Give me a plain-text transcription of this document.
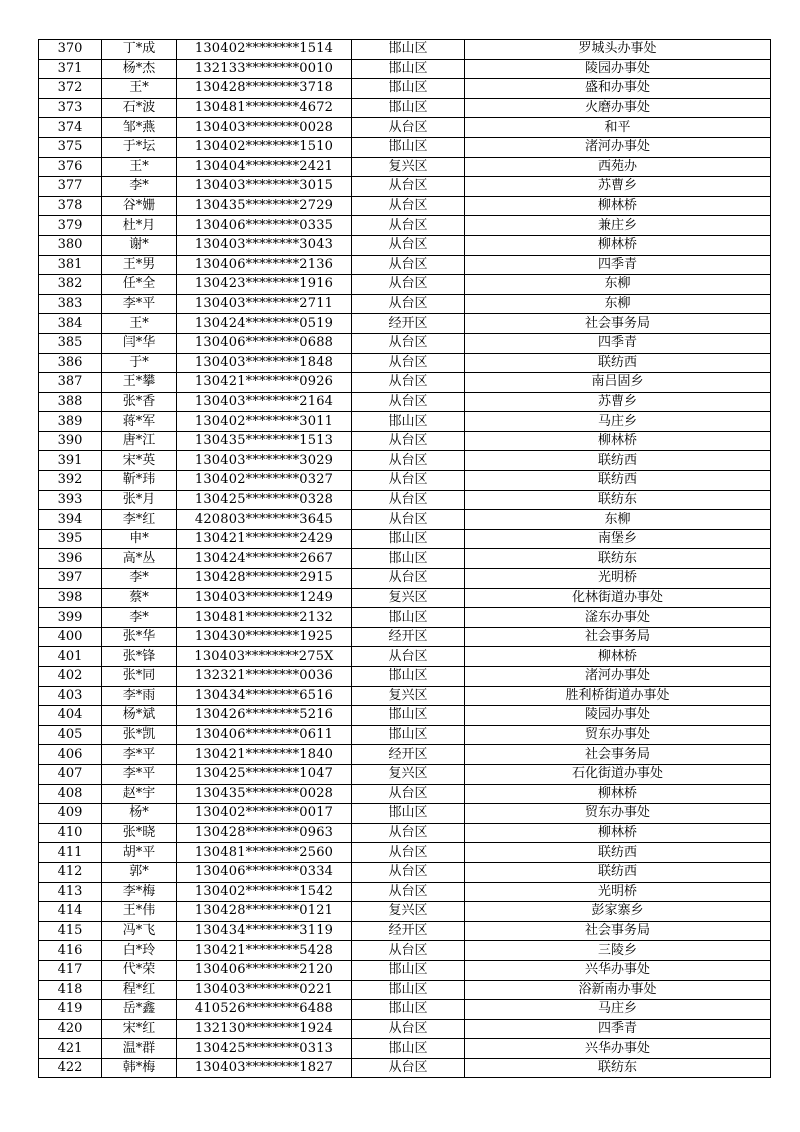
370	丁*成	130402********1514	邯山区	罗城头办事处
371	杨*杰	132133********0010	邯山区	陵园办事处
372	王*	130428********3718	邯山区	盛和办事处
373	石*波	130481********4672	邯山区	火磨办事处
374	邹*燕	130403********0028	从台区	和平
375	于*坛	130402********1510	邯山区	渚河办事处
376	王*	130404********2421	复兴区	西苑办
377	李*	130403********3015	从台区	苏曹乡
378	谷*姗	130435********2729	从台区	柳林桥
379	杜*月	130406********0335	从台区	兼庄乡
380	谢*	130403********3043	从台区	柳林桥
381	王*男	130406********2136	从台区	四季青
382	任*全	130423********1916	从台区	东柳
383	李*平	130403********2711	从台区	东柳
384	王*	130424********0519	经开区	社会事务局
385	闫*华	130406********0688	从台区	四季青
386	于*	130403********1848	从台区	联纺西
387	王*攀	130421********0926	从台区	南吕固乡
388	张*香	130403********2164	从台区	苏曹乡
389	蒋*军	130402********3011	邯山区	马庄乡
390	唐*江	130435********1513	从台区	柳林桥
391	宋*英	130403********3029	从台区	联纺西
392	靳*玮	130402********0327	从台区	联纺西
393	张*月	130425********0328	从台区	联纺东
394	李*红	420803********3645	从台区	东柳
395	申*	130421********2429	邯山区	南堡乡
396	高*丛	130424********2667	邯山区	联纺东
397	李*	130428********2915	从台区	光明桥
398	蔡*	130403********1249	复兴区	化林街道办事处
399	李*	130481********2132	邯山区	滏东办事处
400	张*华	130430********1925	经开区	社会事务局
401	张*锋	130403********275X	从台区	柳林桥
402	张*同	132321********0036	邯山区	渚河办事处
403	李*雨	130434********6516	复兴区	胜利桥街道办事处
404	杨*斌	130426********5216	邯山区	陵园办事处
405	张*凯	130406********0611	邯山区	贸东办事处
406	李*平	130421********1840	经开区	社会事务局
407	李*平	130425********1047	复兴区	石化街道办事处
408	赵*宇	130435********0028	从台区	柳林桥
409	杨*	130402********0017	邯山区	贸东办事处
410	张*晓	130428********0963	从台区	柳林桥
411	胡*平	130481********2560	从台区	联纺西
412	郭*	130406********0334	从台区	联纺西
413	李*梅	130402********1542	从台区	光明桥
414	王*伟	130428********0121	复兴区	彭家寨乡
415	冯*飞	130434********3119	经开区	社会事务局
416	白*玲	130421********5428	从台区	三陵乡
417	代*荣	130406********2120	邯山区	兴华办事处
418	程*红	130403********0221	邯山区	浴新南办事处
419	岳*鑫	410526********6488	邯山区	马庄乡
420	宋*红	132130********1924	从台区	四季青
421	温*群	130425********0313	邯山区	兴华办事处
422	韩*梅	130403********1827	从台区	联纺东
